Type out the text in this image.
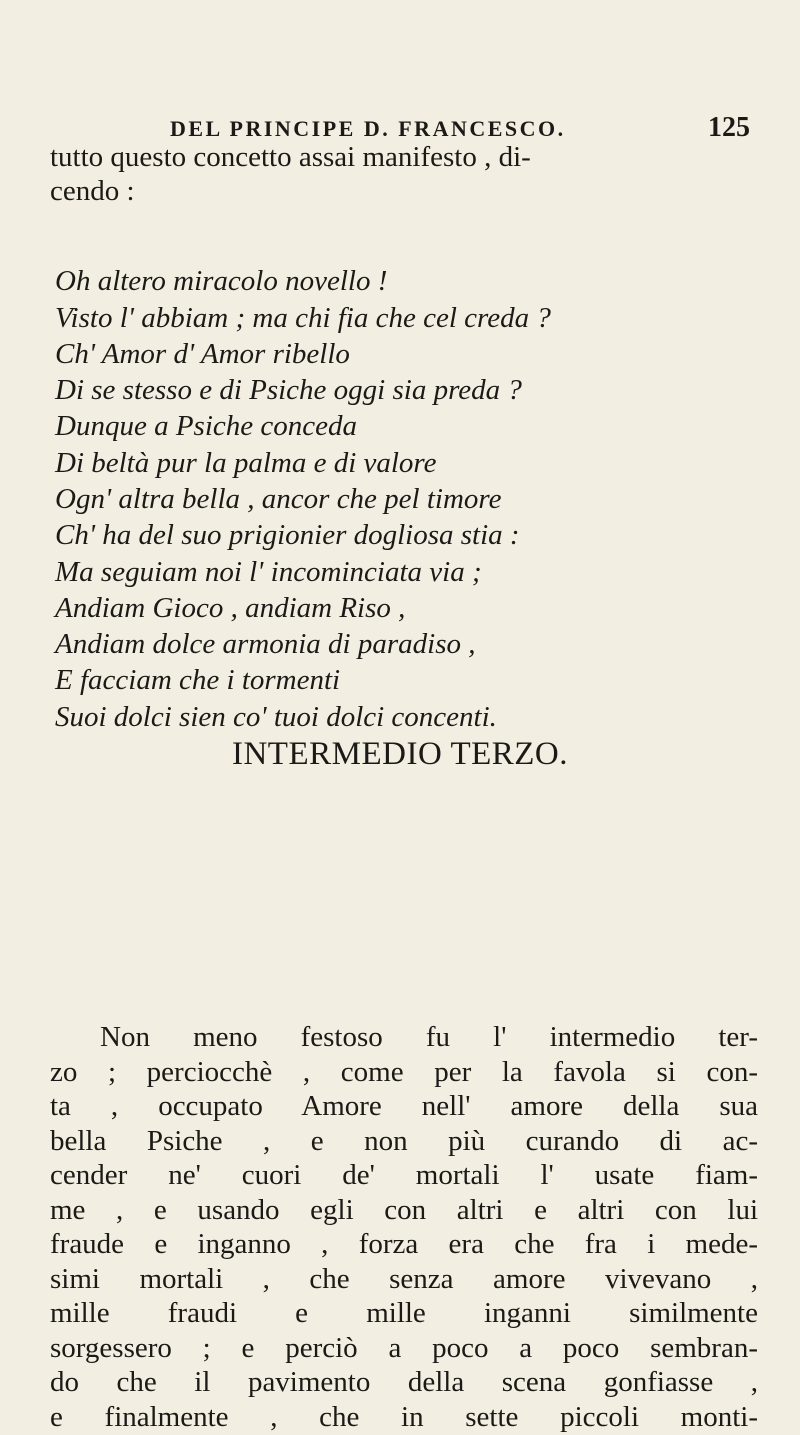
DEL PRINCIPE D. FRANCESCO.	125
tutto questo concetto assai manifesto , di-
cendo :
Oh altero miracolo novello !
Visto l' abbiam ; ma chi fia che cel creda ?
Ch' Amor d' Amor ribello
Di se stesso e di Psiche oggi sia preda ?
Dunque a Psiche conceda
Di beltà pur la palma e di valore
Ogn' altra bella , ancor che pel timore
Ch' ha del suo prigionier dogliosa stia :
Ma seguiam noi l' incominciata via ;
Andiam Gioco , andiam Riso ,
Andiam dolce armonia di paradiso ,
E facciam che i tormenti
Suoi dolci sien co' tuoi dolci concenti.
INTERMEDIO TERZO.
Non meno festoso fu l' intermedio ter-
zo ; perciocchè , come per la favola si con-
ta , occupato Amore nell' amore della sua
bella Psiche , e non più curando di ac-
cender ne' cuori de' mortali l' usate fiam-
me , e usando egli con altri e altri con lui
fraude e inganno , forza era che fra i mede-
simi mortali , che senza amore vivevano ,
mille fraudi e mille inganni similmente
sorgessero ; e perciò a poco a poco sembran-
do che il pavimento della scena gonfiasse ,
e finalmente , che in sette piccoli monti-
